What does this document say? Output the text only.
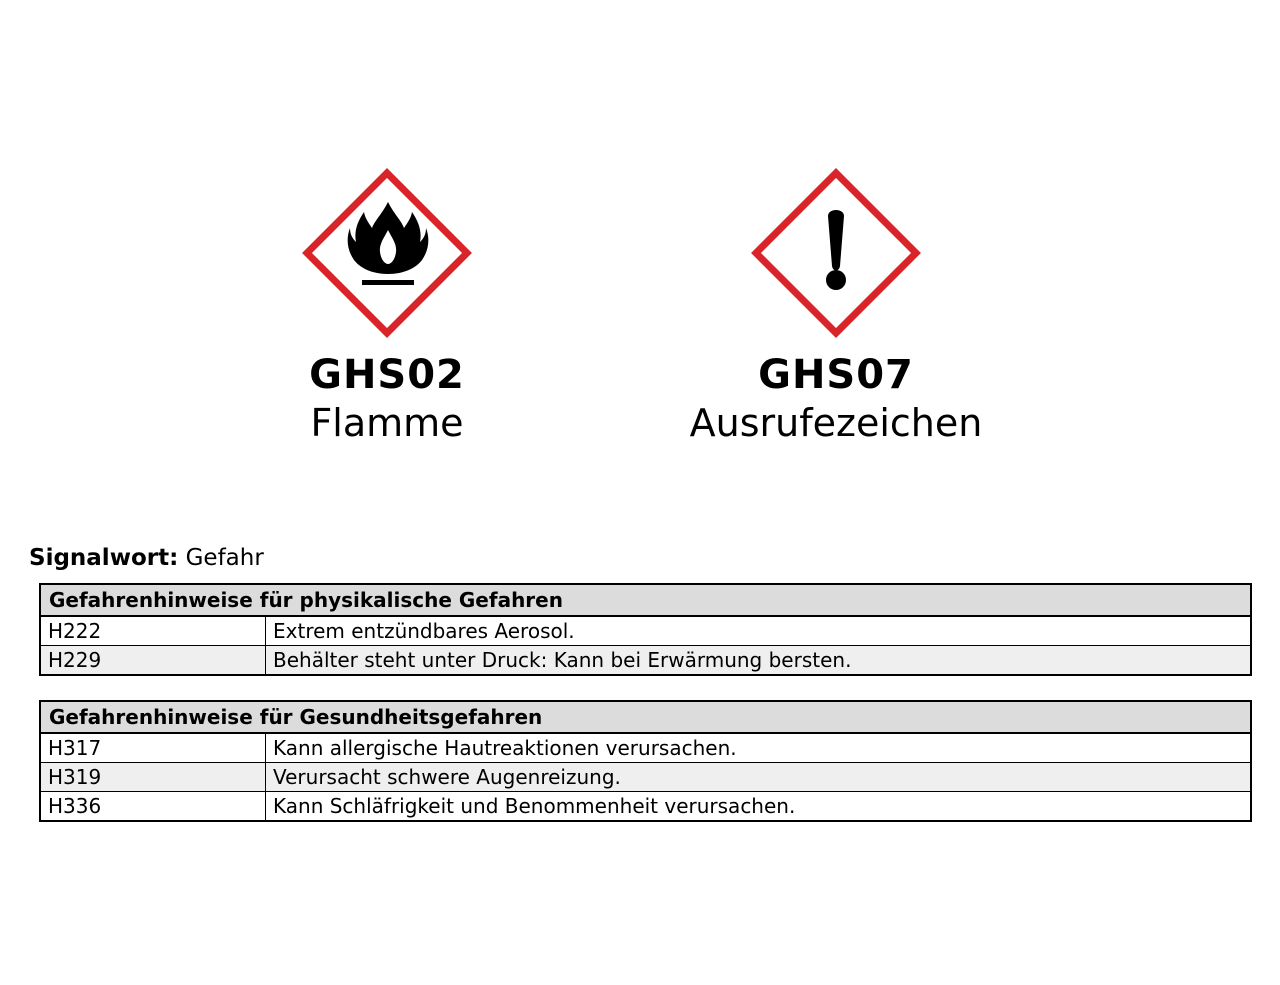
GHS02
Flamme
GHS07
Ausrufezeichen
Signalwort: Gefahr
Gefahrenhinweise für physikalische Gefahren	
H222	Extrem entzündbares Aerosol.
H229	Behälter steht unter Druck: Kann bei Erwärmung bersten.
Gefahrenhinweise für Gesundheitsgefahren	
H317	Kann allergische Hautreaktionen verursachen.
H319	Verursacht schwere Augenreizung.
H336	Kann Schläfrigkeit und Benommenheit verursachen.
